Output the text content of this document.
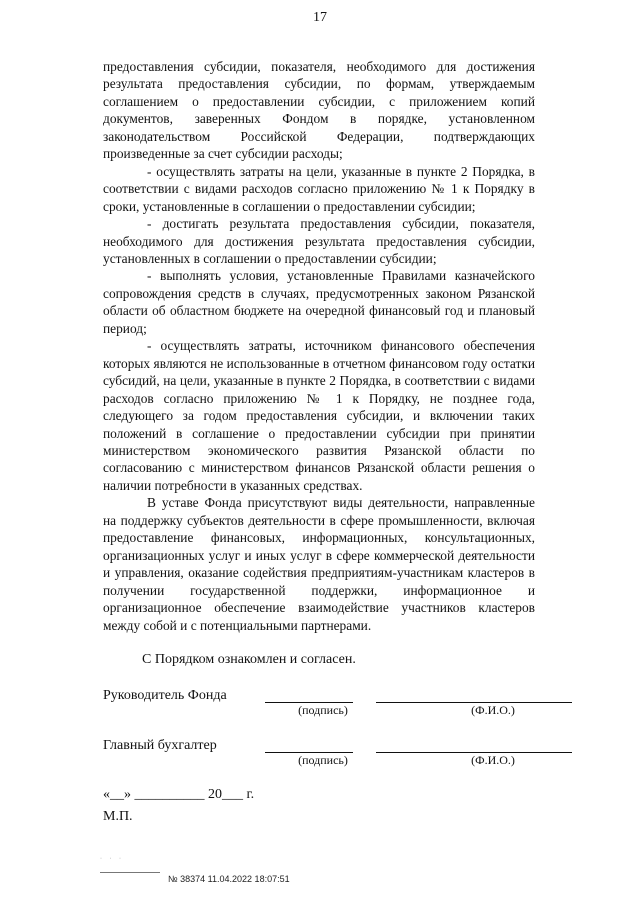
17

предоставления субсидии, показателя, необходимого для достижения результата предоставления субсидии, по формам, утверждаемым соглашением о предоставлении субсидии, с приложением копий документов, заверенных Фондом в порядке, установленном законодательством Российской Федерации, подтверждающих произведенные за счет субсидии расходы;

- осуществлять затраты на цели, указанные в пункте 2 Порядка, в соответствии с видами расходов согласно приложению № 1 к Порядку в сроки, установленные в соглашении о предоставлении субсидии;

- достигать результата предоставления субсидии, показателя, необходимого для достижения результата предоставления субсидии, установленных в соглашении о предоставлении субсидии;

- выполнять условия, установленные Правилами казначейского сопровождения средств в случаях, предусмотренных законом Рязанской области об областном бюджете на очередной финансовый год и плановый период;

- осуществлять затраты, источником финансового обеспечения которых являются не использованные в отчетном финансовом году остатки субсидий, на цели, указанные в пункте 2 Порядка, в соответствии с видами расходов согласно приложению № 1 к Порядку, не позднее года, следующего за годом предоставления субсидии, и включении таких положений в соглашение о предоставлении субсидии при принятии министерством экономического развития Рязанской области по согласованию с министерством финансов Рязанской области решения о наличии потребности в указанных средствах.

В уставе Фонда присутствуют виды деятельности, направленные на поддержку субъектов деятельности в сфере промышленности, включая предоставление финансовых, информационных, консультационных, организационных услуг и иных услуг в сфере коммерческой деятельности и управления, оказание содействия предприятиям-участникам кластеров в получении государственной поддержки, информационное и организационное обеспечение взаимодействие участников кластеров между собой и с потенциальными партнерами.

С Порядком ознакомлен и согласен.
Руководитель Фонда
(подпись)	(Ф.И.О.)
Главный бухгалтер
(подпись)	(Ф.И.О.)
«__» __________ 20___ г.
М.П.
· · ·
№ 38374 11.04.2022 18:07:51
